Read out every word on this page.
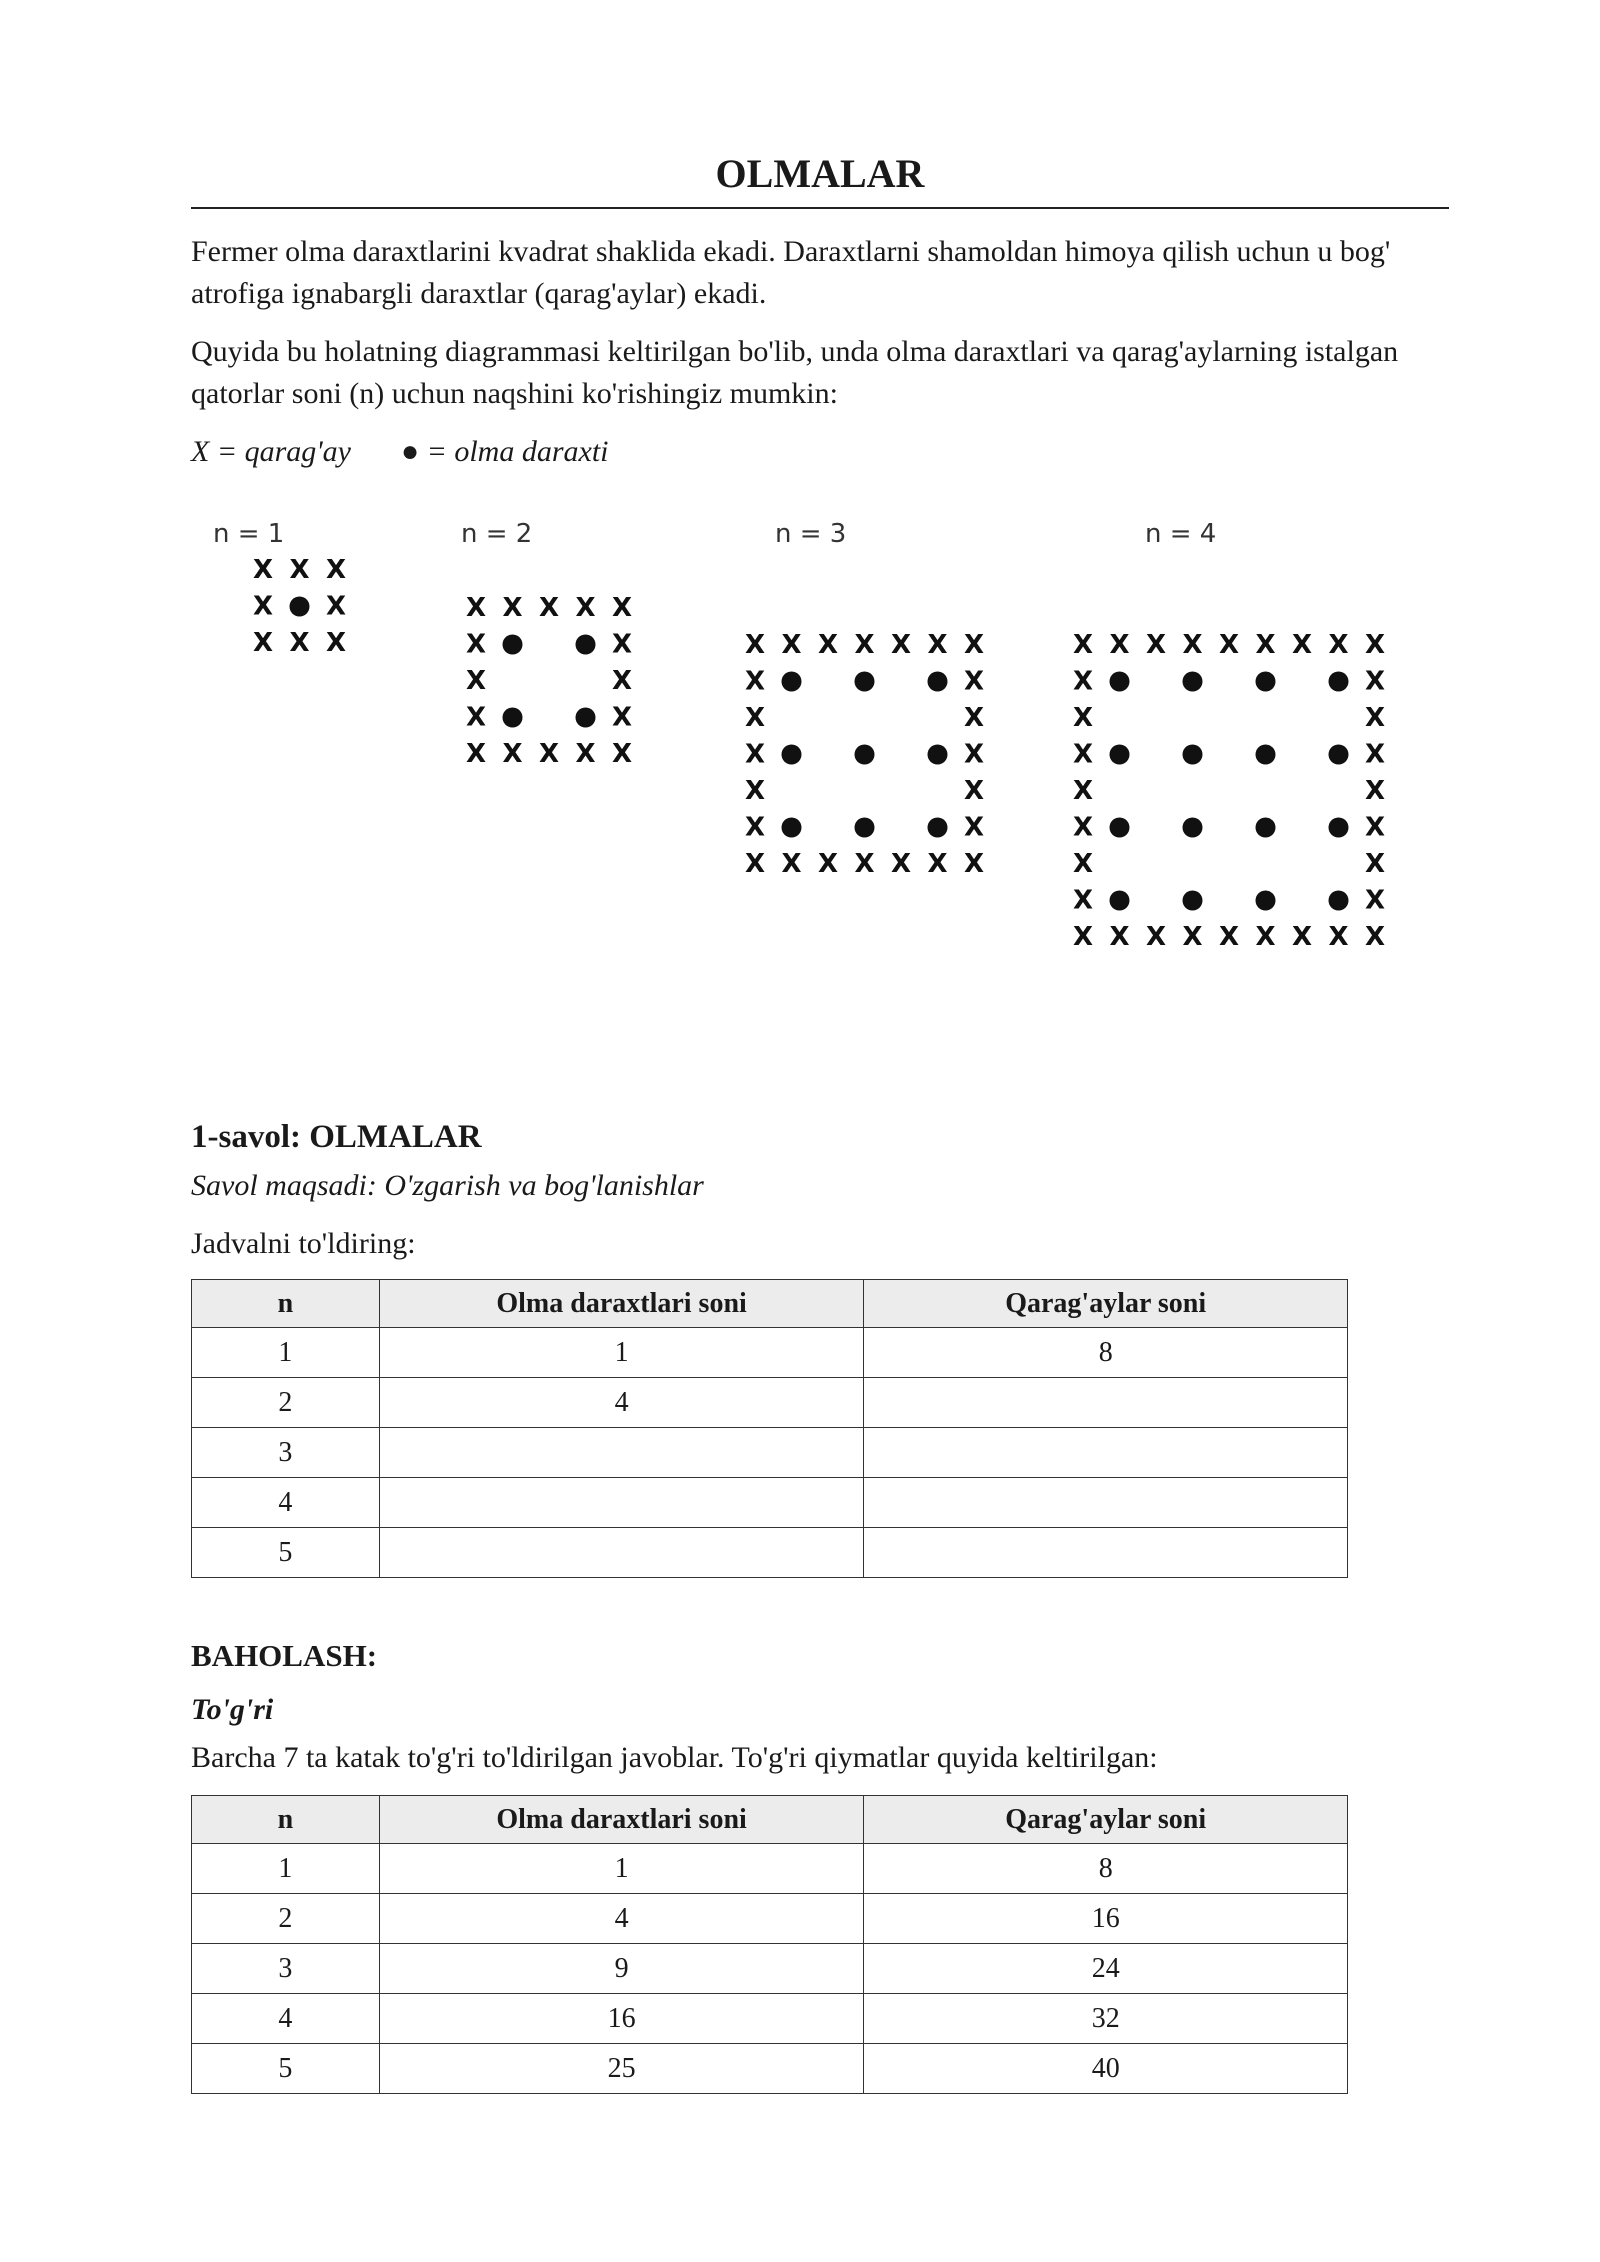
OLMALAR

Fermer olma daraxtlarini kvadrat shaklida ekadi. Daraxtlarni shamoldan himoya qilish uchun u bog' atrofiga ignabargli daraxtlar (qarag'aylar) ekadi.

Quyida bu holatning diagrammasi keltirilgan bo'lib, unda olma daraxtlari va qarag'aylarning istalgan qatorlar soni (n) uchun naqshini ko'rishingiz mumkin:

X = qarag'ay ● = olma daraxti
n = 1
X X X
X X
X X X
n = 2
X X X X X
X	X
X	X
X	X
X X X X X
n = 3
X X X X X X X
X	X
X	X
X	X
X	X
X	X
X X X X X X X
n = 4
X X X X X X X X X
X	X
X	X
X	X
X	X
X	X
X	X
X	X
X X X X X X X X X
1-savol: OLMALAR

Savol maqsadi: O'zgarish va bog'lanishlar

Jadvalni to'ldiring:

n	Olma daraxtlari soni	Qarag'aylar soni
1	1	8
2	4	
3		
4		
5		
BAHOLASH:

To'g'ri

Barcha 7 ta katak to'g'ri to'ldirilgan javoblar. To'g'ri qiymatlar quyida keltirilgan:

n	Olma daraxtlari soni	Qarag'aylar soni
1	1	8
2	4	16
3	9	24
4	16	32
5	25	40
